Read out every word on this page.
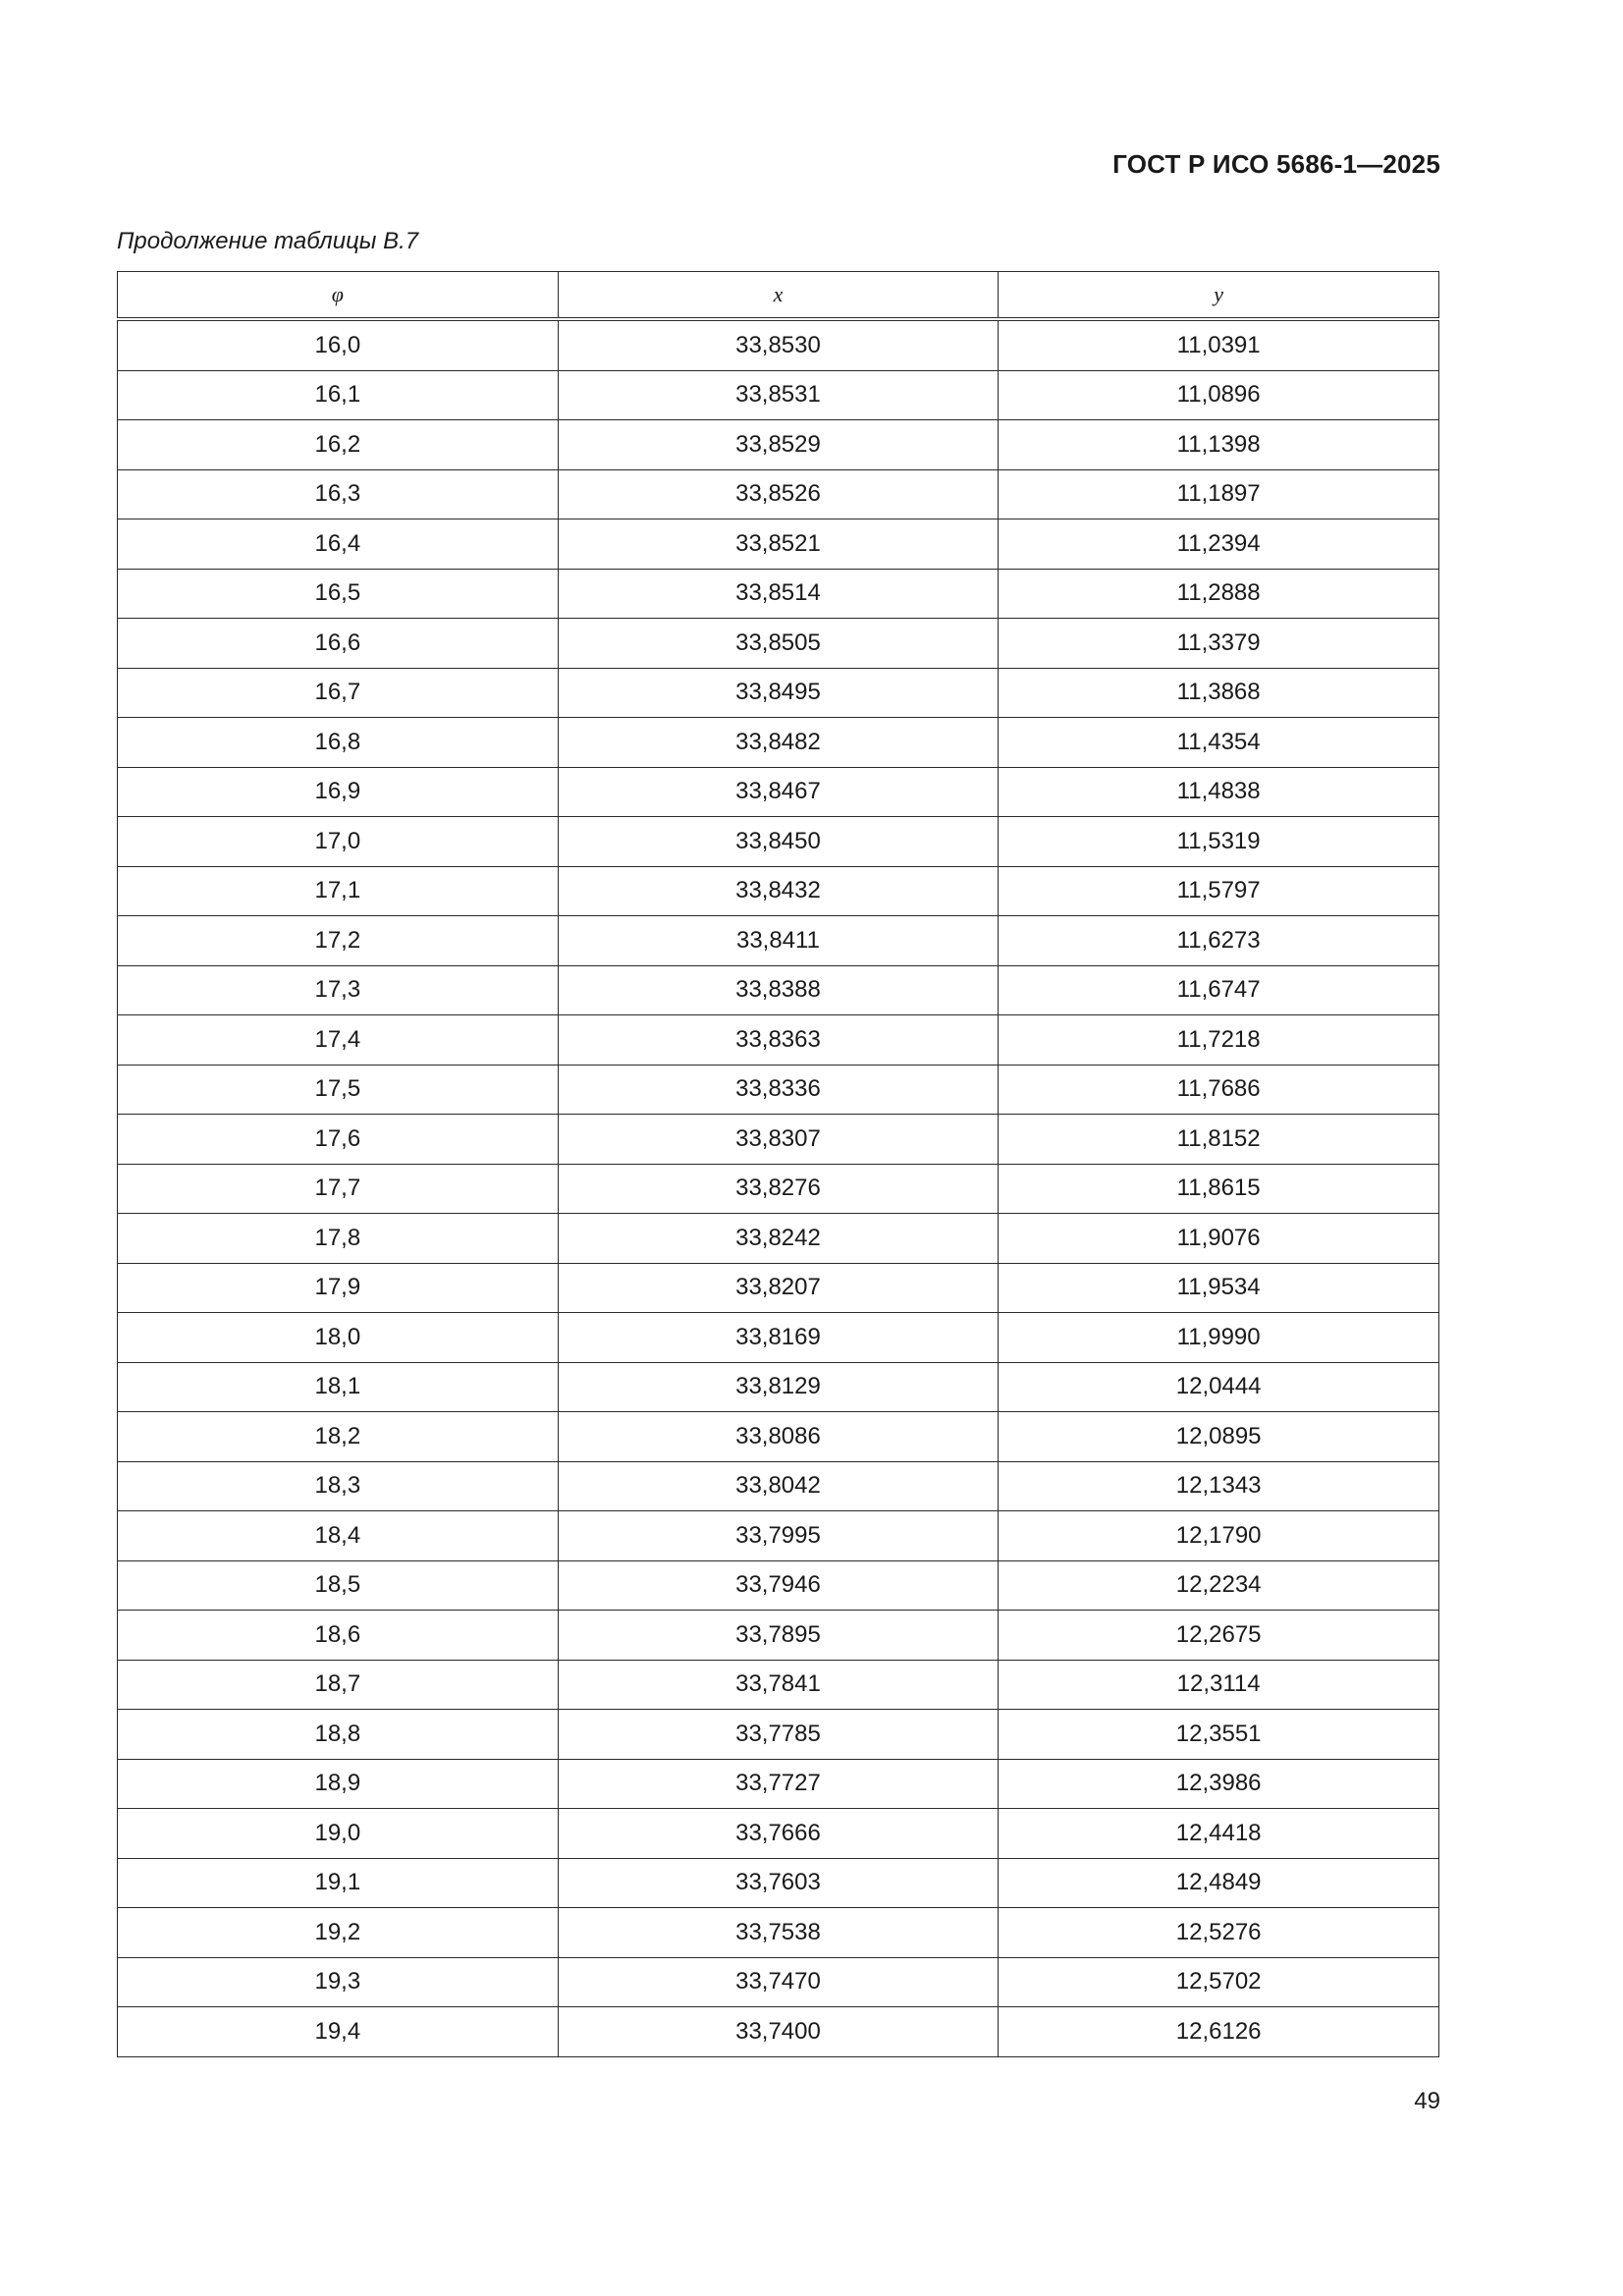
ГОСТ Р ИСО 5686-1—2025
Продолжение таблицы В.7
φ	x	y
16,0	33,8530	11,0391
16,1	33,8531	11,0896
16,2	33,8529	11,1398
16,3	33,8526	11,1897
16,4	33,8521	11,2394
16,5	33,8514	11,2888
16,6	33,8505	11,3379
16,7	33,8495	11,3868
16,8	33,8482	11,4354
16,9	33,8467	11,4838
17,0	33,8450	11,5319
17,1	33,8432	11,5797
17,2	33,8411	11,6273
17,3	33,8388	11,6747
17,4	33,8363	11,7218
17,5	33,8336	11,7686
17,6	33,8307	11,8152
17,7	33,8276	11,8615
17,8	33,8242	11,9076
17,9	33,8207	11,9534
18,0	33,8169	11,9990
18,1	33,8129	12,0444
18,2	33,8086	12,0895
18,3	33,8042	12,1343
18,4	33,7995	12,1790
18,5	33,7946	12,2234
18,6	33,7895	12,2675
18,7	33,7841	12,3114
18,8	33,7785	12,3551
18,9	33,7727	12,3986
19,0	33,7666	12,4418
19,1	33,7603	12,4849
19,2	33,7538	12,5276
19,3	33,7470	12,5702
19,4	33,7400	12,6126
49
